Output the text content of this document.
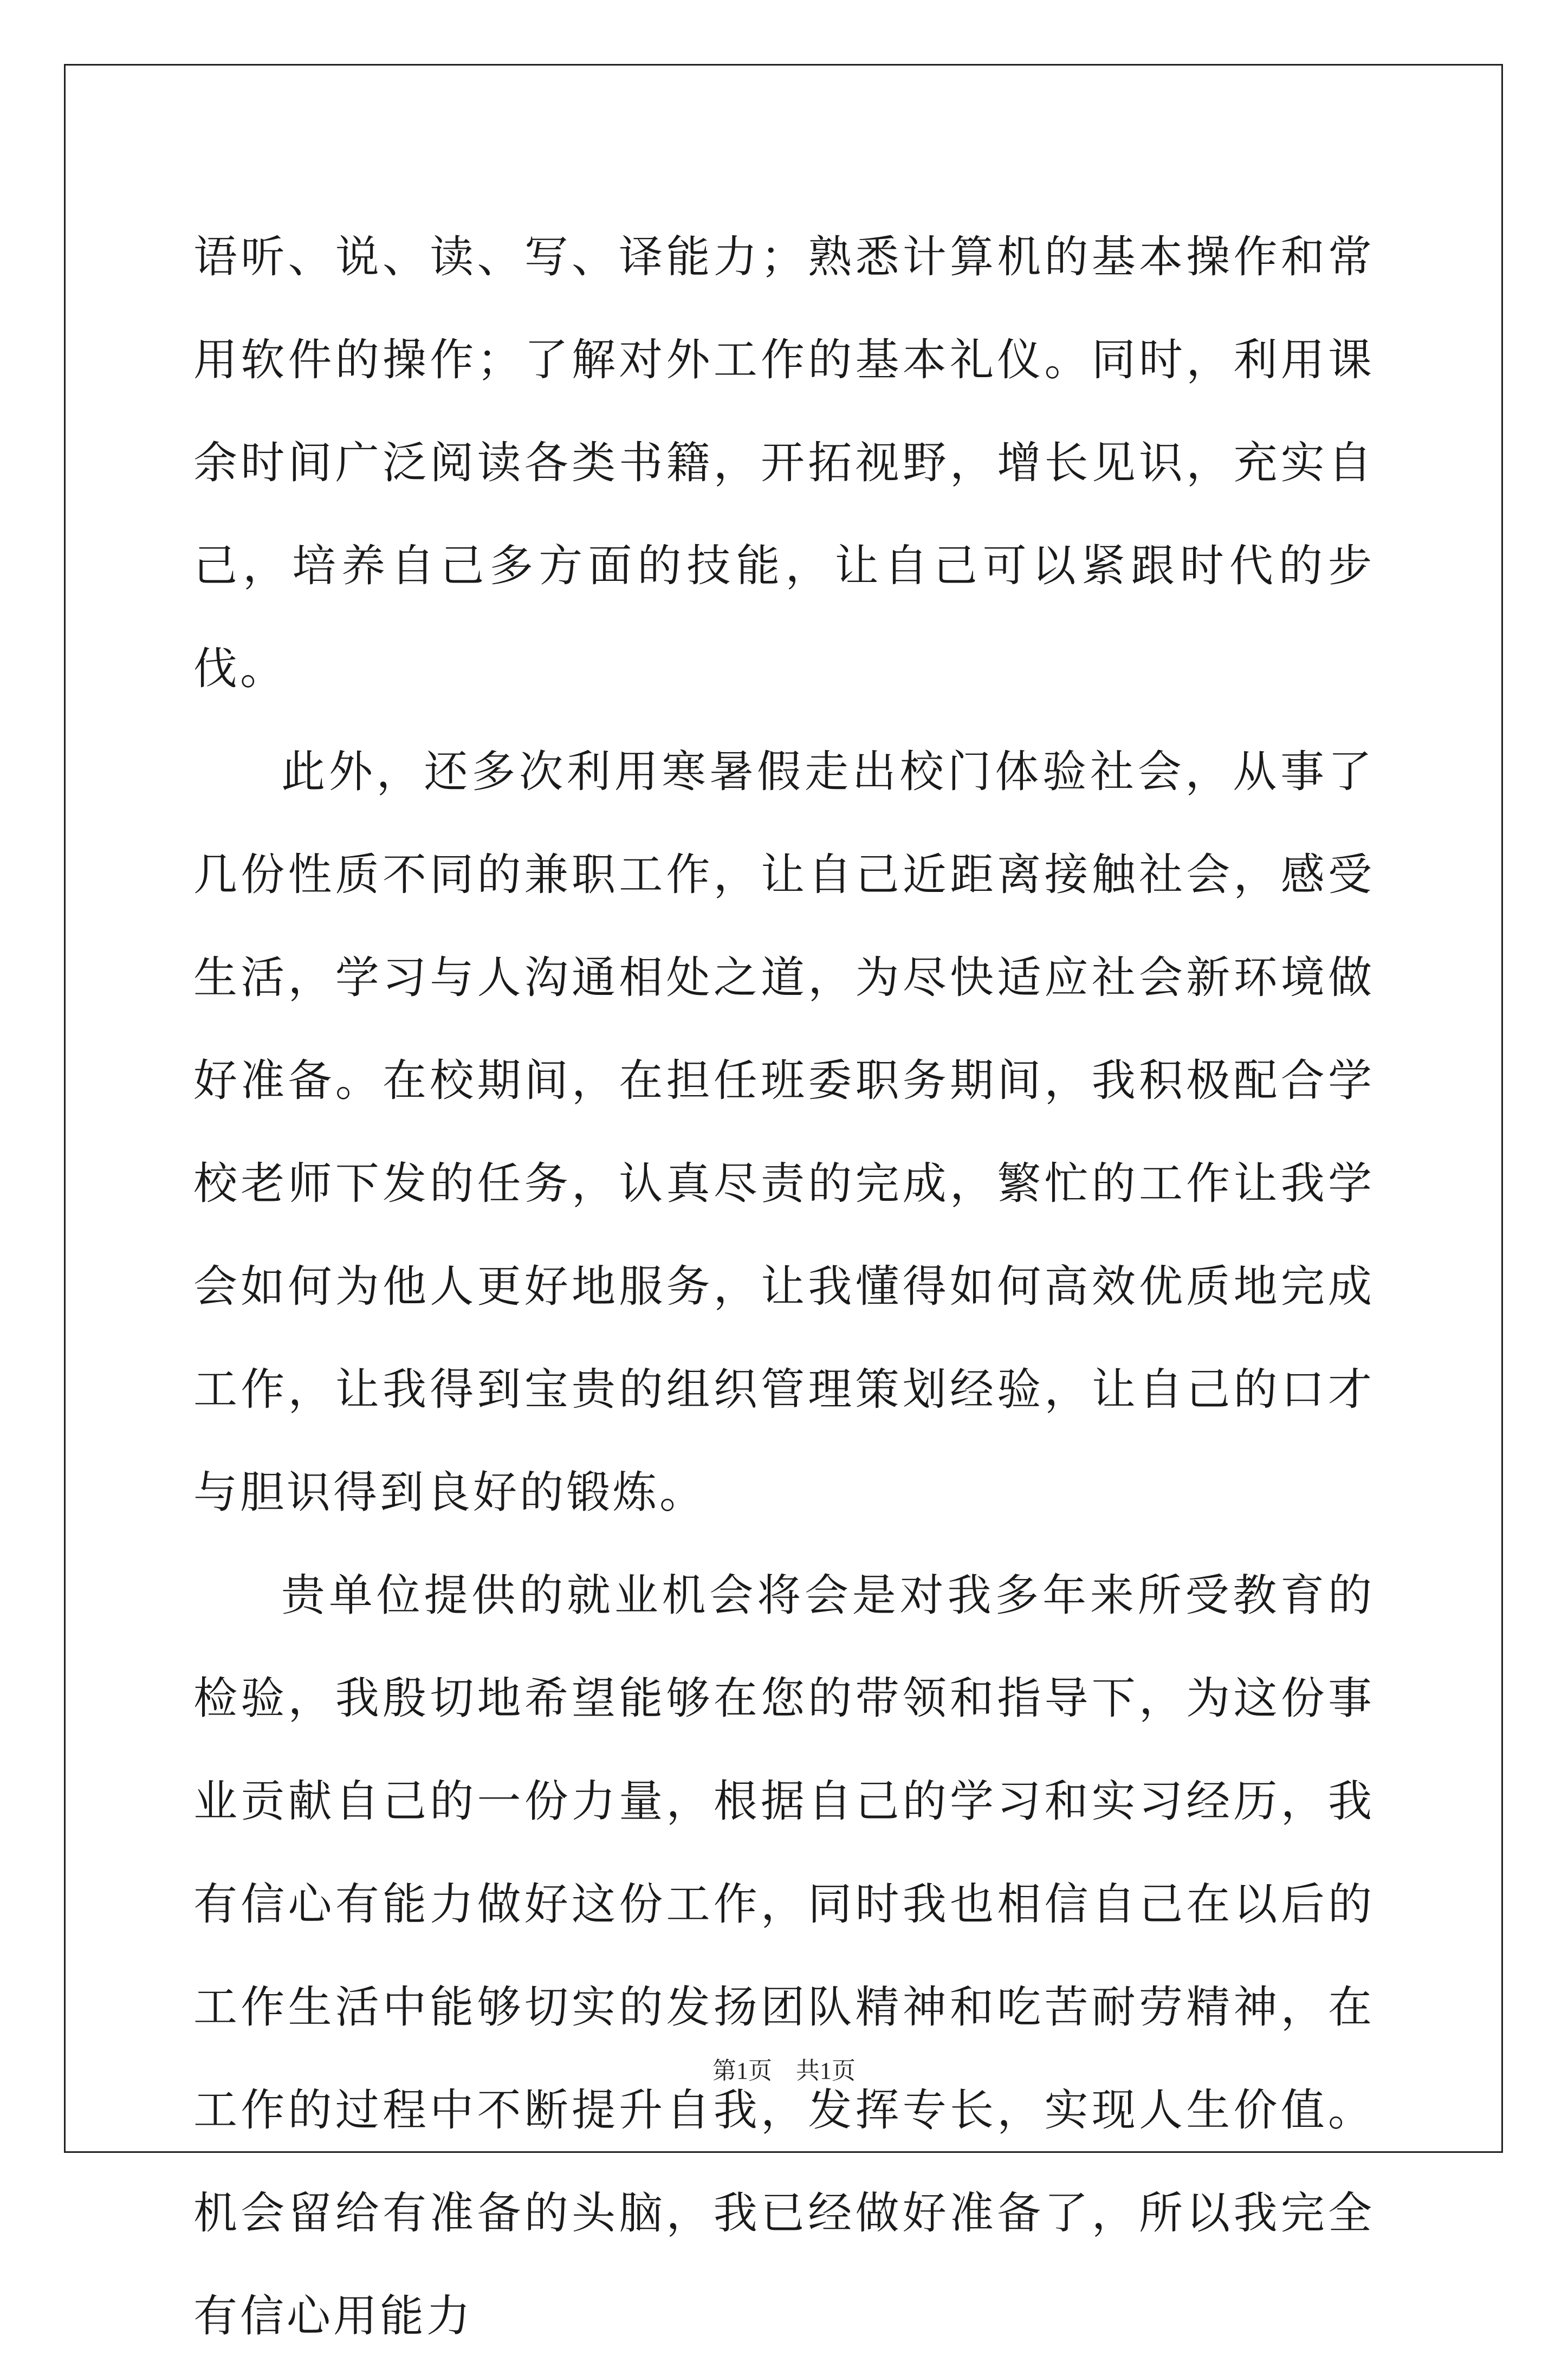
语听、说、读、写、译能力；熟悉计算机的基本操作和常用软件的操作；了解对外工作的基本礼仪。同时，利用课余时间广泛阅读各类书籍，开拓视野，增长见识，充实自己，培养自己多方面的技能，让自己可以紧跟时代的步伐。

此外，还多次利用寒暑假走出校门体验社会，从事了几份性质不同的兼职工作，让自己近距离接触社会，感受生活，学习与人沟通相处之道，为尽快适应社会新环境做好准备。在校期间，在担任班委职务期间，我积极配合学校老师下发的任务，认真尽责的完成，繁忙的工作让我学会如何为他人更好地服务，让我懂得如何高效优质地完成工作，让我得到宝贵的组织管理策划经验，让自己的口才与胆识得到良好的锻炼。

贵单位提供的就业机会将会是对我多年来所受教育的检验，我殷切地希望能够在您的带领和指导下，为这份事业贡献自己的一份力量，根据自己的学习和实习经历，我有信心有能力做好这份工作，同时我也相信自己在以后的工作生活中能够切实的发扬团队精神和吃苦耐劳精神，在工作的过程中不断提升自我，发挥专长，实现人生价值。机会留给有准备的头脑，我已经做好准备了，所以我完全有信心用能力

第1页　共1页
